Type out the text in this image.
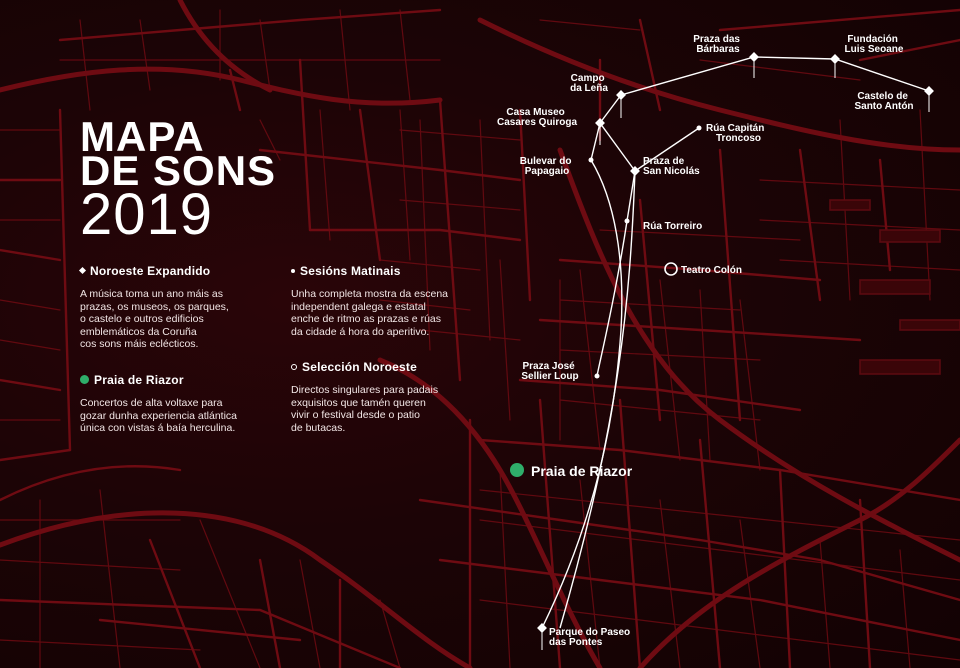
Praza das Bárbaras
Fundación Luis Seoane
Campo da Leña
Castelo de Santo Antón
Casa Museo Casares Quiroga
Rúa Capitán Troncoso
Bulevar do Papagaio
Praza de San Nicolás
Rúa Torreiro
Teatro Colón
Praza José Sellier Loup
Praia de Riazor
Parque do Paseo das Pontes
MAPA
DE SONS
2019
Noroeste Expandido

A música toma un ano máis as
prazas, os museos, os parques,
o castelo e outros edificios
emblemáticos da Coruña
cos sons máis eclécticos.

Sesións Matinais

Unha completa mostra da escena
independent galega e estatal
enche de ritmo as prazas e rúas
da cidade á hora do aperitivo.

Praia de Riazor

Concertos de alta voltaxe para
gozar dunha experiencia atlántica
única con vistas á baía herculina.

Selección Noroeste

Directos singulares para padais
exquisitos que tamén queren
vivir o festival desde o patio
de butacas.
